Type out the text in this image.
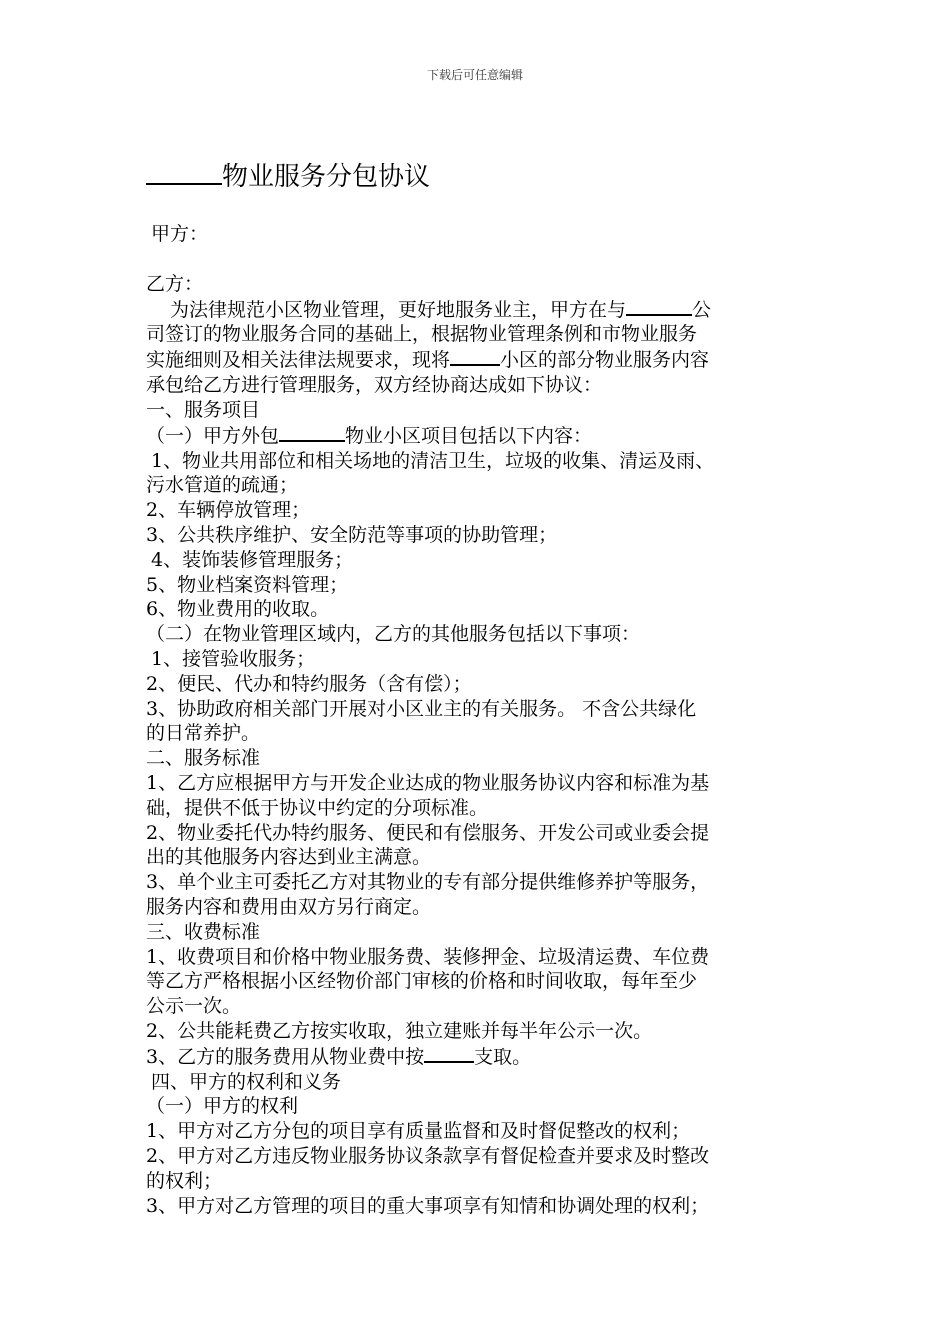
下载后可任意编辑
物业服务分包协议

甲方：

乙方：

为法律规范小区物业管理，更好地服务业主，甲方在与	公

司签订的物业服务合同的基础上，根据物业管理条例和市物业服务

实施细则及相关法律法规要求，现将	小区的部分物业服务内容

承包给乙方进行管理服务，双方经协商达成如下协议：

一、服务项目

（一）甲方外包	物业小区项目包括以下内容：

1、物业共用部位和相关场地的清洁卫生，垃圾的收集、清运及雨、

污水管道的疏通；

2、车辆停放管理；

3、公共秩序维护、安全防范等事项的协助管理；

4、装饰装修管理服务；

5、物业档案资料管理；

6、物业费用的收取。

（二）在物业管理区域内，乙方的其他服务包括以下事项：

1、接管验收服务；

2、便民、代办和特约服务（含有偿）；

3、协助政府相关部门开展对小区业主的有关服务。 不含公共绿化

的日常养护。

二、服务标准

1、乙方应根据甲方与开发企业达成的物业服务协议内容和标准为基

础，提供不低于协议中约定的分项标准。

2、物业委托代办特约服务、便民和有偿服务、开发公司或业委会提

出的其他服务内容达到业主满意。

3、单个业主可委托乙方对其物业的专有部分提供维修养护等服务，

服务内容和费用由双方另行商定。

三、收费标准

1、收费项目和价格中物业服务费、装修押金、垃圾清运费、车位费

等乙方严格根据小区经物价部门审核的价格和时间收取，每年至少

公示一次。

2、公共能耗费乙方按实收取，独立建账并每半年公示一次。

3、乙方的服务费用从物业费中按	支取。

四、甲方的权利和义务

（一）甲方的权利

1、甲方对乙方分包的项目享有质量监督和及时督促整改的权利；

2、甲方对乙方违反物业服务协议条款享有督促检查并要求及时整改

的权利；

3、甲方对乙方管理的项目的重大事项享有知情和协调处理的权利；
